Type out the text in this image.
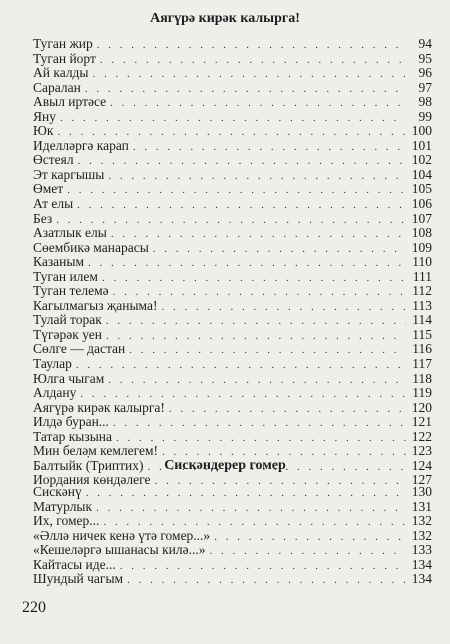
Аягүрә кирәк калырга!
Туган жир . . .	94
Туган йорт . . .	95
Ай калды . . .	96
Саралан . . .	97
Авыл иртәсе . . .	98
Яну . . .	99
Юк . . .	100
Иделләргә карап . . .	101
Өстеял . . .	102
Эт каргышы . . .	104
Өмет . . .	105
Ат елы . . .	106
Без . . .	107
Азатлык елы . . .	108
Сөембикә манарасы . . .	109
Казаным . . .	110
Туган илем . . .	111
Туган телемә . . .	112
Кагылмагыз җаныма! . . .	113
Тулай торак . . .	114
Түгәрәк уен . . .	115
Сөлге — дастан . . .	116
Таулар . . .	117
Юлга чыгам . . .	118
Алдану . . .	119
Аягүрә кирәк калырга! . . .	120
Илдә буран... . . .	121
Татар кызына . . .	122
Мин белә̣м кемлегем! . . .	123
Балтыйк (Триптих) . . .	124
Иордания көндәлеге . . .	127
Сискәндерер гомер
Сискәнү . . .	130
Матурлык . . .	131
Их, гомер... . . .	132
«Әллә ничек кенә үтә гомер...» . . .	132
«Кешеләргә ышанасы килә...» . . .	133
Кайтасы иде... . . .	134
Шундый чагым . . .	134
220
